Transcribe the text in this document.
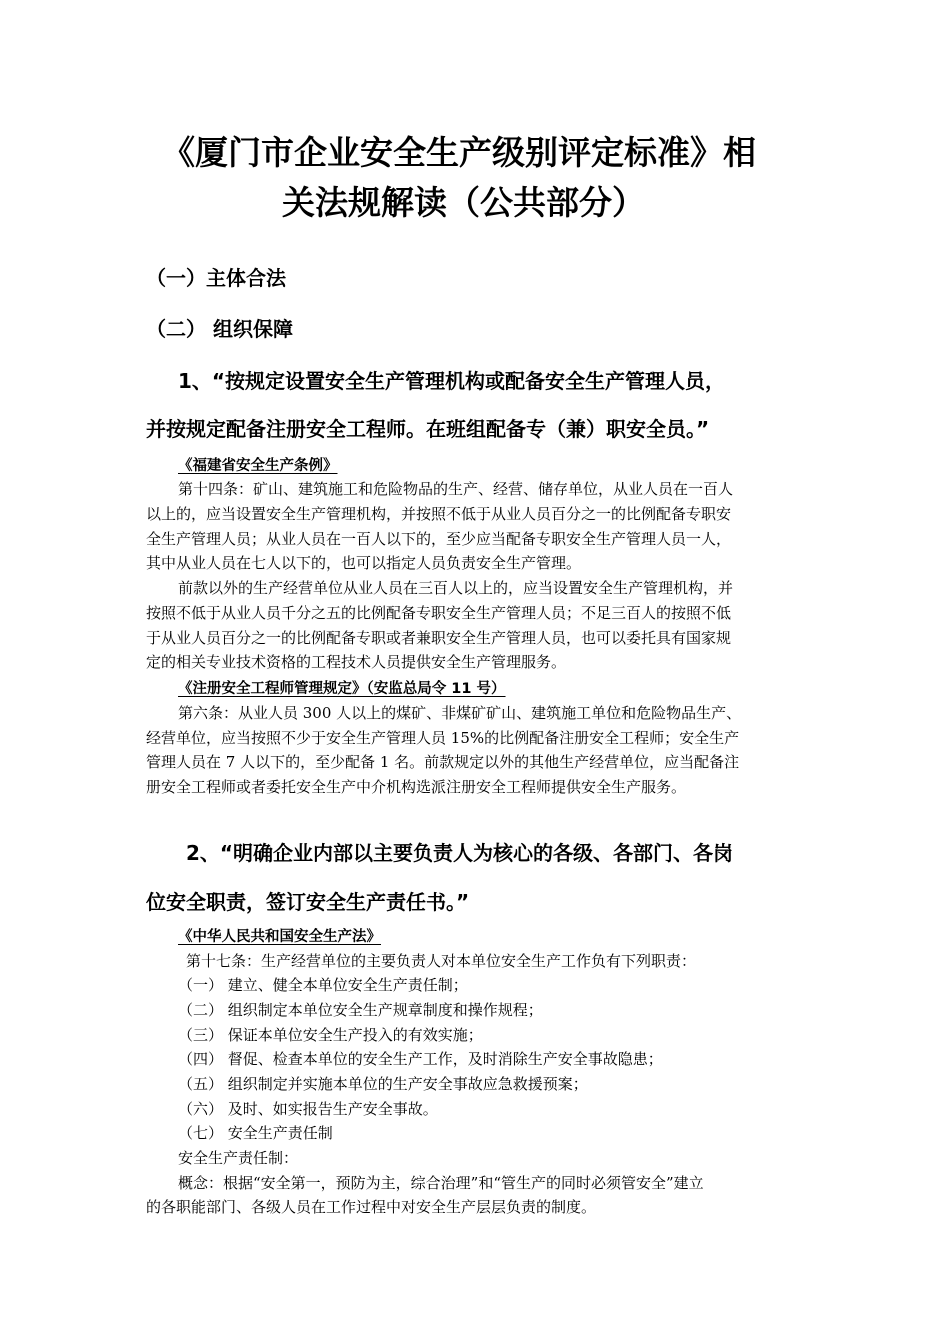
《厦门市企业安全生产级别评定标准》相
关法规解读（公共部分）
（一）主体合法
（二） 组织保障
1、“按规定设置安全生产管理机构或配备安全生产管理人员，
并按规定配备注册安全工程师。在班组配备专（兼）职安全员。”
《福建省安全生产条例》
第十四条：矿山、建筑施工和危险物品的生产、经营、储存单位，从业人员在一百人
以上的，应当设置安全生产管理机构，并按照不低于从业人员百分之一的比例配备专职安
全生产管理人员；从业人员在一百人以下的，至少应当配备专职安全生产管理人员一人，
其中从业人员在七人以下的，也可以指定人员负责安全生产管理。
前款以外的生产经营单位从业人员在三百人以上的，应当设置安全生产管理机构，并
按照不低于从业人员千分之五的比例配备专职安全生产管理人员；不足三百人的按照不低
于从业人员百分之一的比例配备专职或者兼职安全生产管理人员，也可以委托具有国家规
定的相关专业技术资格的工程技术人员提供安全生产管理服务。
《注册安全工程师管理规定》（安监总局令 11 号）
第六条：从业人员 300 人以上的煤矿、非煤矿矿山、建筑施工单位和危险物品生产、
经营单位，应当按照不少于安全生产管理人员 15%的比例配备注册安全工程师；安全生产
管理人员在 7 人以下的，至少配备 1 名。前款规定以外的其他生产经营单位，应当配备注
册安全工程师或者委托安全生产中介机构选派注册安全工程师提供安全生产服务。
2、“明确企业内部以主要负责人为核心的各级、各部门、各岗
位安全职责，签订安全生产责任书。”
《中华人民共和国安全生产法》
第十七条：生产经营单位的主要负责人对本单位安全生产工作负有下列职责：
（一） 建立、健全本单位安全生产责任制；
（二） 组织制定本单位安全生产规章制度和操作规程；
（三） 保证本单位安全生产投入的有效实施；
（四） 督促、检查本单位的安全生产工作，及时消除生产安全事故隐患；
（五） 组织制定并实施本单位的生产安全事故应急救援预案；
（六） 及时、如实报告生产安全事故。
（七） 安全生产责任制
安全生产责任制：
概念：根据“安全第一，预防为主，综合治理”和“管生产的同时必须管安全”建立
的各职能部门、各级人员在工作过程中对安全生产层层负责的制度。
